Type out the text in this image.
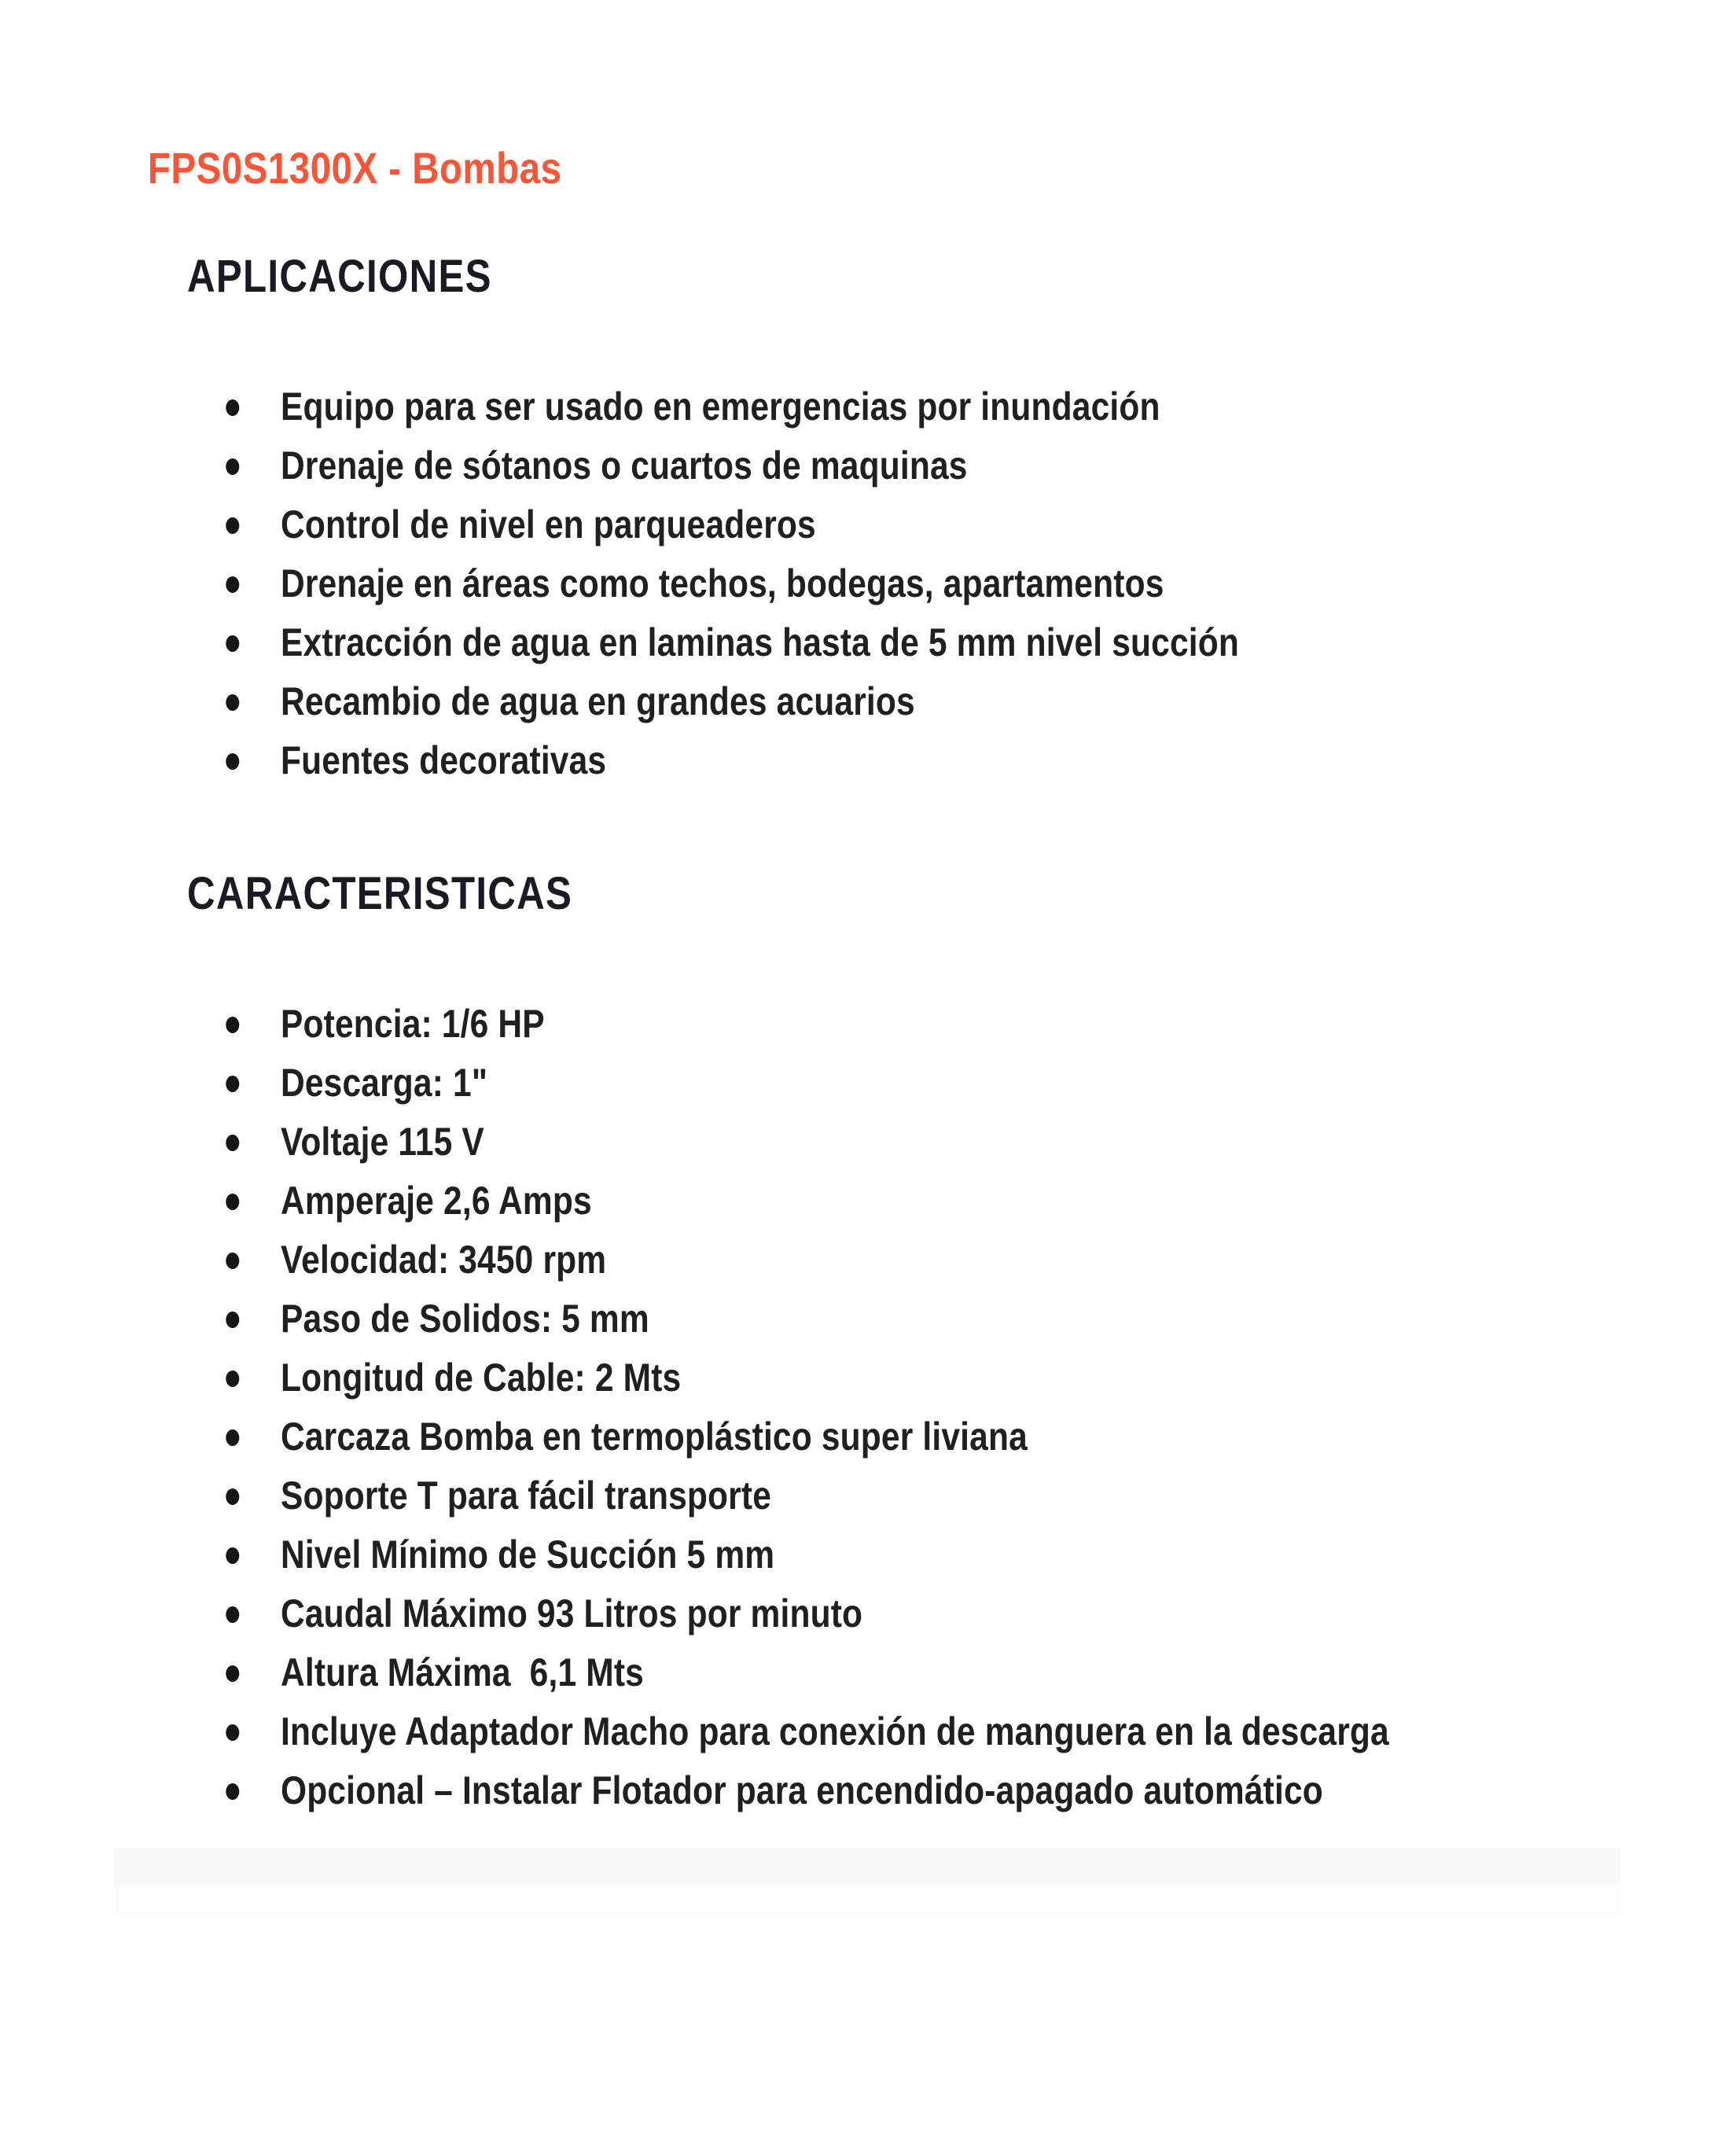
FPS0S1300X - Bombas
APLICACIONES
Equipo para ser usado en emergencias por inundación
Drenaje de sótanos o cuartos de maquinas
Control de nivel en parqueaderos
Drenaje en áreas como techos, bodegas, apartamentos
Extracción de agua en laminas hasta de 5 mm nivel succión
Recambio de agua en grandes acuarios
Fuentes decorativas
CARACTERISTICAS
Potencia: 1/6 HP
Descarga: 1"
Voltaje 115 V
Amperaje 2,6 Amps
Velocidad: 3450 rpm
Paso de Solidos: 5 mm
Longitud de Cable: 2 Mts
Carcaza Bomba en termoplástico super liviana
Soporte T para fácil transporte
Nivel Mínimo de Succión 5 mm
Caudal Máximo 93 Litros por minuto
Altura Máxima  6,1 Mts
Incluye Adaptador Macho para conexión de manguera en la descarga
Opcional – Instalar Flotador para encendido-apagado automático
